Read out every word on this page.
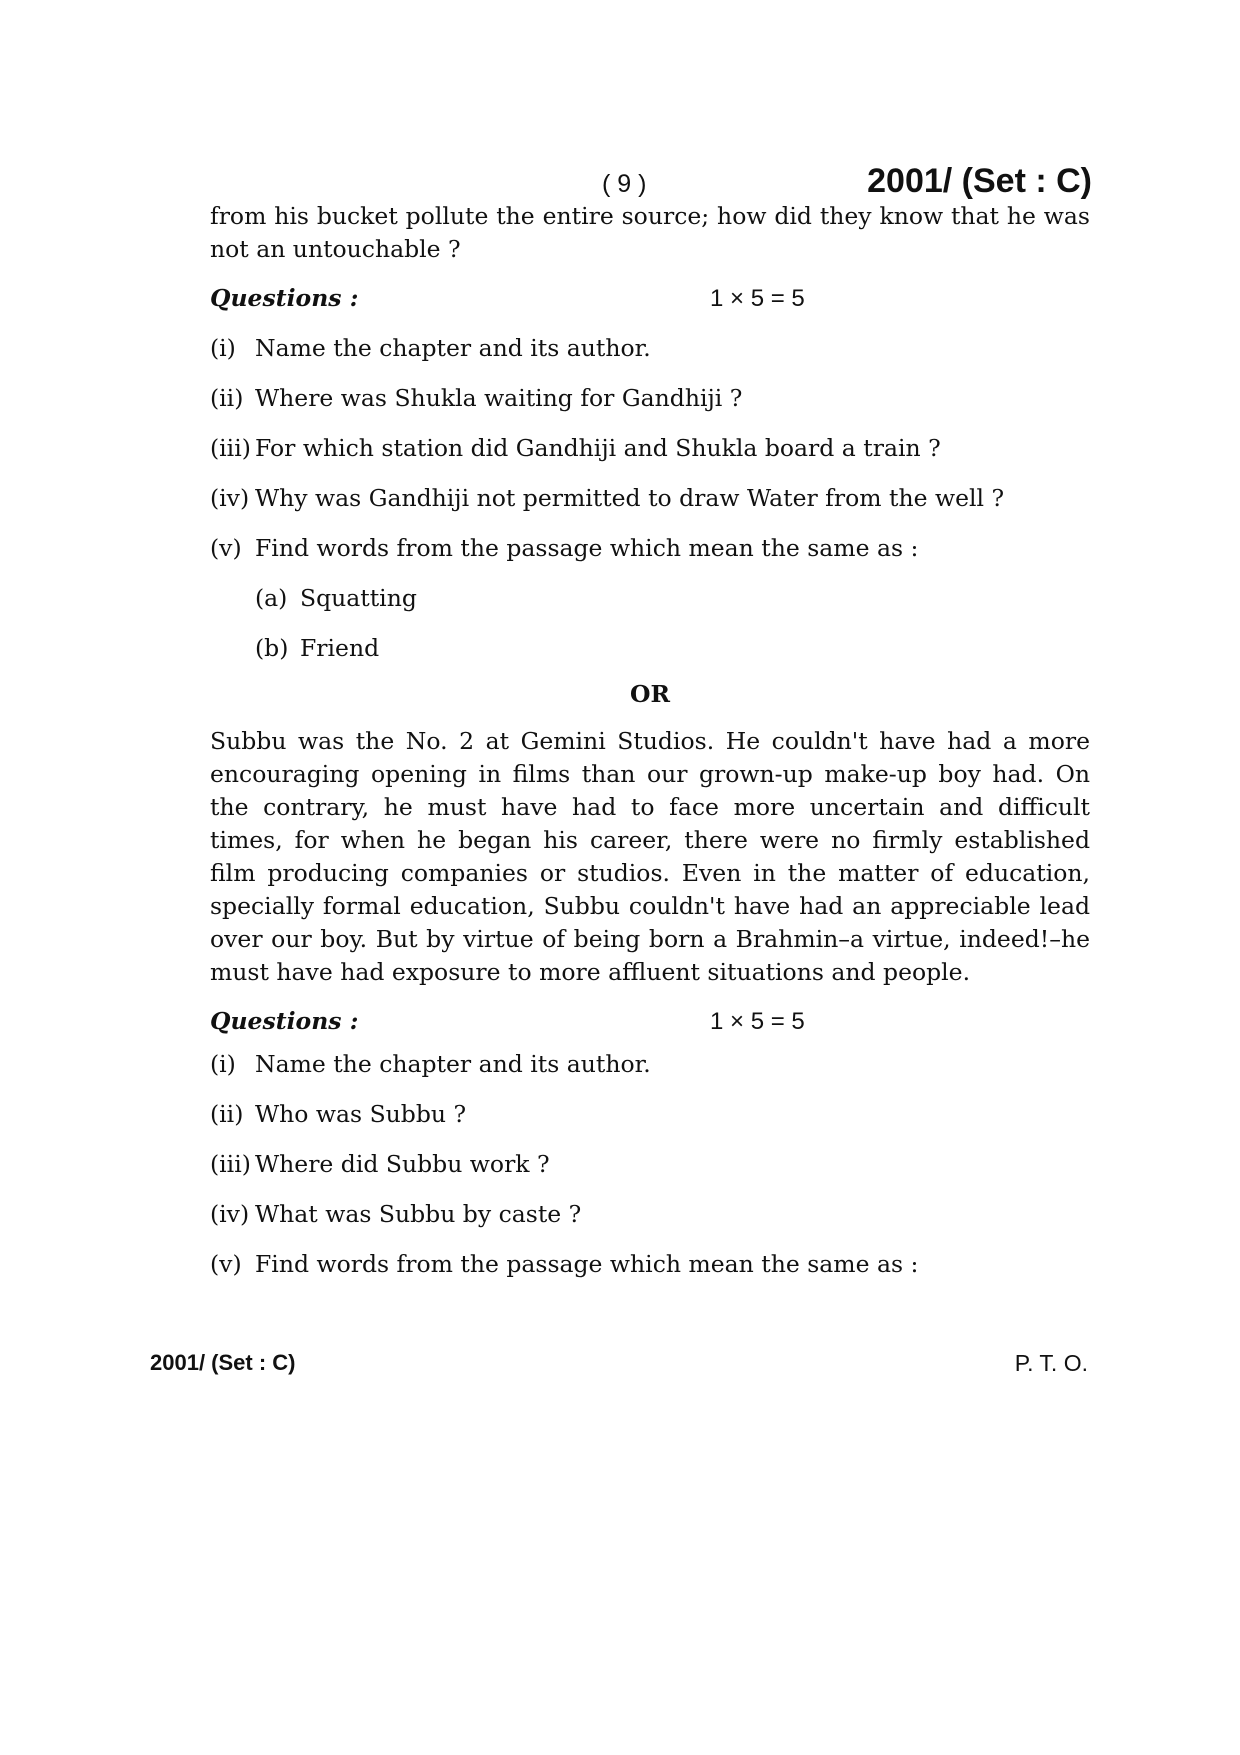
( 9 )	2001/ (Set : C)

from his bucket pollute the entire source; how did they know that he was not an untouchable ?

Questions :	1 × 5 = 5
(i) Name the chapter and its author.
(ii) Where was Shukla waiting for Gandhiji ?
(iii) For which station did Gandhiji and Shukla board a train ?
(iv) Why was Gandhiji not permitted to draw Water from the well ?
(v) Find words from the passage which mean the same as :
(a) Squatting
(b) Friend
OR

Subbu was the No. 2 at Gemini Studios. He couldn't have had a more encouraging opening in films than our grown-up make-up boy had. On the contrary, he must have had to face more uncertain and difficult times, for when he began his career, there were no firmly established film producing companies or studios. Even in the matter of education, specially formal education, Subbu couldn't have had an appreciable lead over our boy. But by virtue of being born a Brahmin–a virtue, indeed!–he must have had exposure to more affluent situations and people.

Questions :	1 × 5 = 5
(i) Name the chapter and its author.
(ii) Who was Subbu ?
(iii) Where did Subbu work ?
(iv) What was Subbu by caste ?
(v) Find words from the passage which mean the same as :
2001/ (Set : C)	P. T. O.
